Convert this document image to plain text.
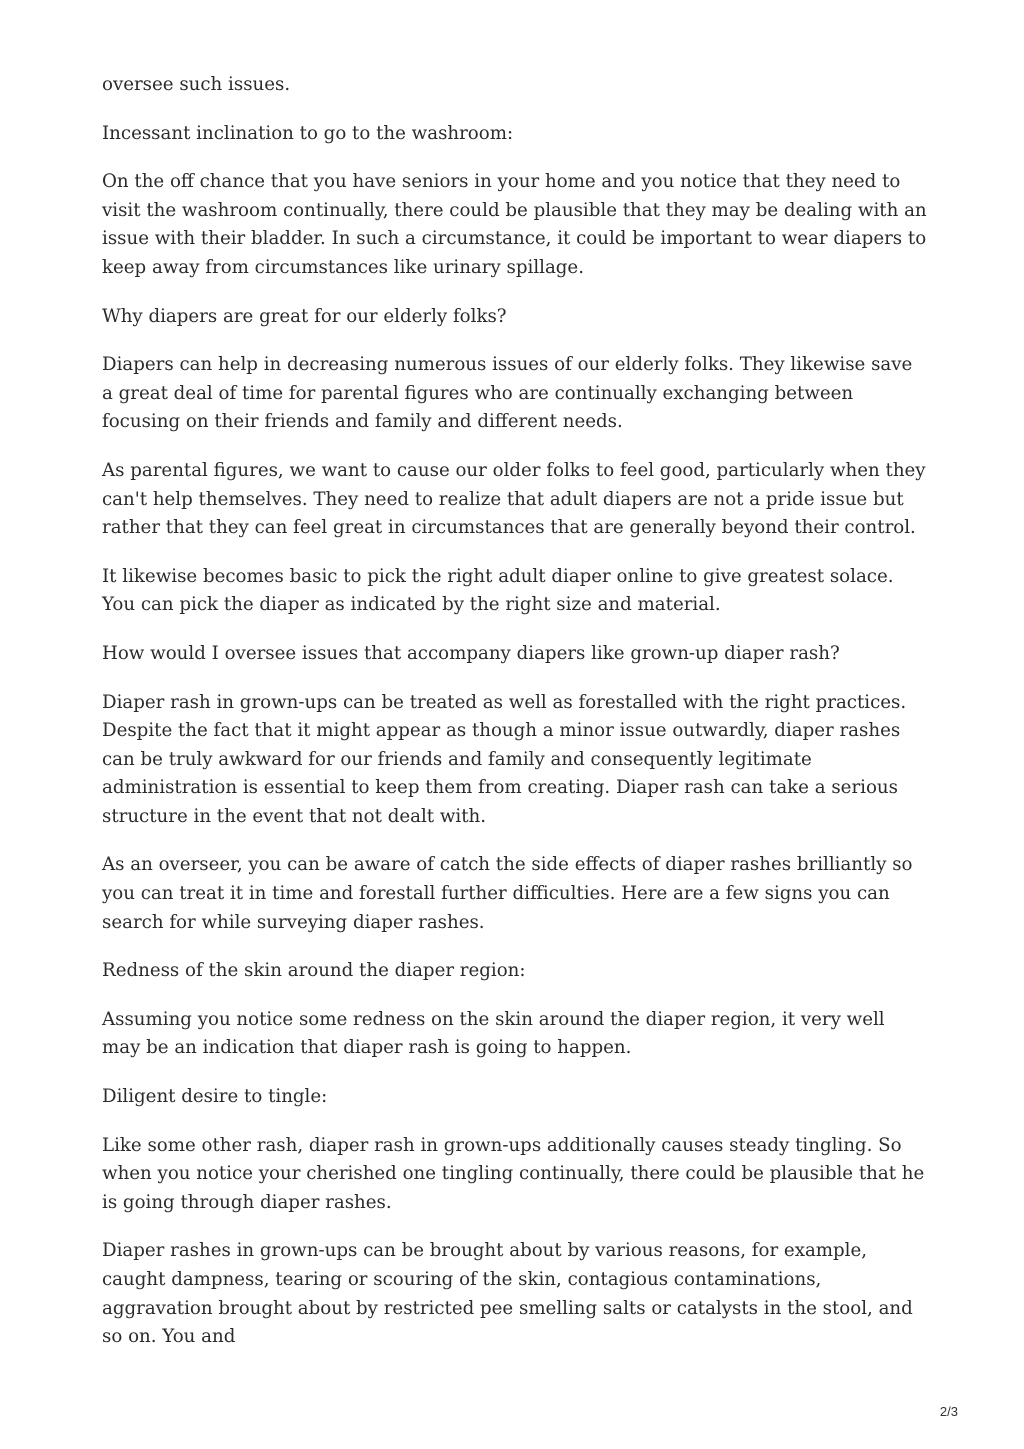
oversee such issues.

Incessant inclination to go to the washroom:

On the off chance that you have seniors in your home and you notice that they need to visit the washroom continually, there could be plausible that they may be dealing with an issue with their bladder. In such a circumstance, it could be important to wear diapers to keep away from circumstances like urinary spillage.

Why diapers are great for our elderly folks?

Diapers can help in decreasing numerous issues of our elderly folks. They likewise save a great deal of time for parental figures who are continually exchanging between focusing on their friends and family and different needs.

As parental figures, we want to cause our older folks to feel good, particularly when they can't help themselves. They need to realize that adult diapers are not a pride issue but rather that they can feel great in circumstances that are generally beyond their control.

It likewise becomes basic to pick the right adult diaper online to give greatest solace. You can pick the diaper as indicated by the right size and material.

How would I oversee issues that accompany diapers like grown-up diaper rash?

Diaper rash in grown-ups can be treated as well as forestalled with the right practices. Despite the fact that it might appear as though a minor issue outwardly, diaper rashes can be truly awkward for our friends and family and consequently legitimate administration is essential to keep them from creating. Diaper rash can take a serious structure in the event that not dealt with.

As an overseer, you can be aware of catch the side effects of diaper rashes brilliantly so you can treat it in time and forestall further difficulties. Here are a few signs you can search for while surveying diaper rashes.

Redness of the skin around the diaper region:

Assuming you notice some redness on the skin around the diaper region, it very well may be an indication that diaper rash is going to happen.

Diligent desire to tingle:

Like some other rash, diaper rash in grown-ups additionally causes steady tingling. So when you notice your cherished one tingling continually, there could be plausible that he is going through diaper rashes.

Diaper rashes in grown-ups can be brought about by various reasons, for example, caught dampness, tearing or scouring of the skin, contagious contaminations, aggravation brought about by restricted pee smelling salts or catalysts in the stool, and so on. You and

2/3
